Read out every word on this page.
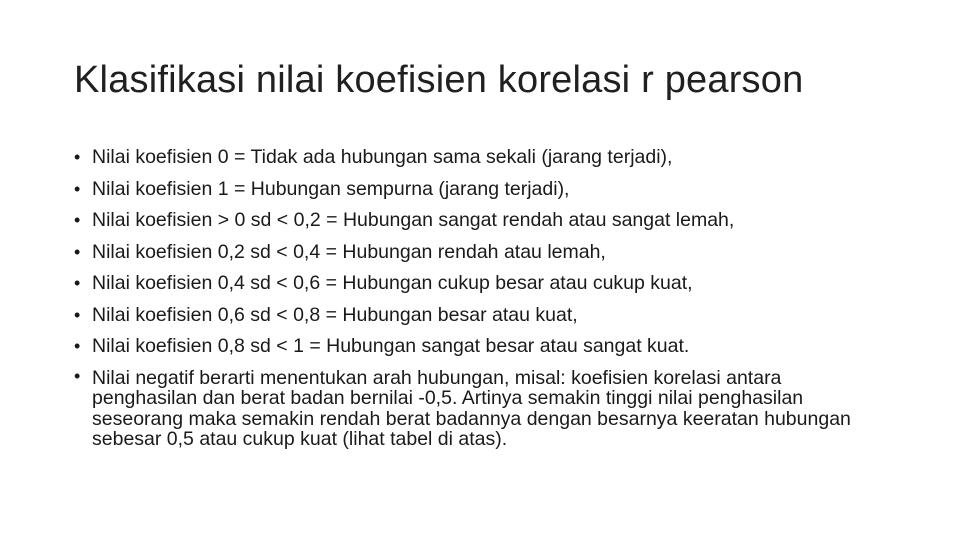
Klasifikasi nilai koefisien korelasi r pearson
• Nilai koefisien 0 = Tidak ada hubungan sama sekali (jarang terjadi),
• Nilai koefisien 1 = Hubungan sempurna (jarang terjadi),
• Nilai koefisien > 0 sd < 0,2 = Hubungan sangat rendah atau sangat lemah,
• Nilai koefisien 0,2 sd < 0,4 = Hubungan rendah atau lemah,
• Nilai koefisien 0,4 sd < 0,6 = Hubungan cukup besar atau cukup kuat,
• Nilai koefisien 0,6 sd < 0,8 = Hubungan besar atau kuat,
• Nilai koefisien 0,8 sd < 1 = Hubungan sangat besar atau sangat kuat.
• Nilai negatif berarti menentukan arah hubungan, misal: koefisien korelasi antara penghasilan dan berat badan bernilai -0,5. Artinya semakin tinggi nilai penghasilan seseorang maka semakin rendah berat badannya dengan besarnya keeratan hubungan sebesar 0,5 atau cukup kuat (lihat tabel di atas).
